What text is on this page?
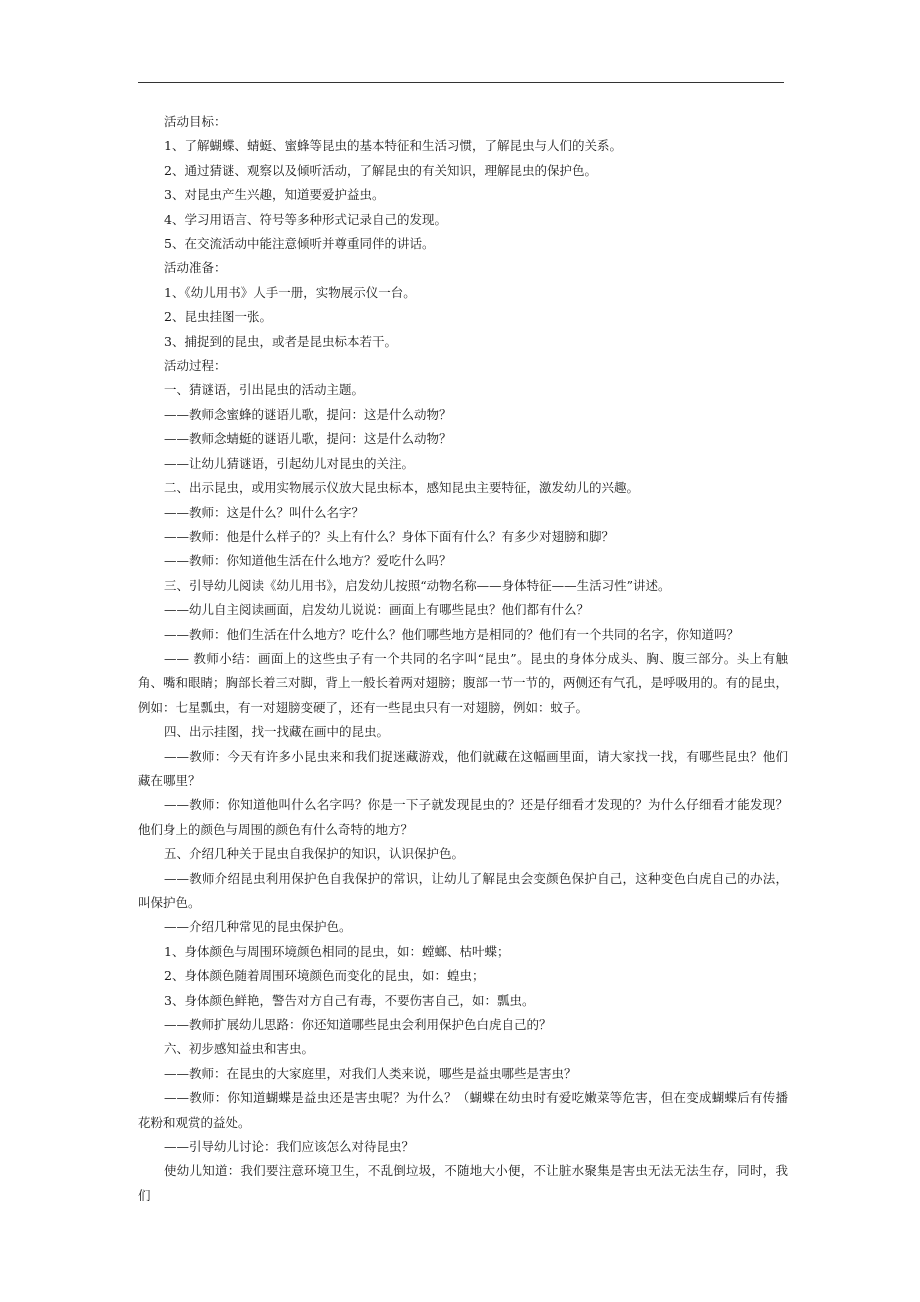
活动目标：

1、了解蝴蝶、蜻蜓、蜜蜂等昆虫的基本特征和生活习惯，了解昆虫与人们的关系。

2、通过猜谜、观察以及倾听活动，了解昆虫的有关知识，理解昆虫的保护色。

3、对昆虫产生兴趣，知道要爱护益虫。

4、学习用语言、符号等多种形式记录自己的发现。

5、在交流活动中能注意倾听并尊重同伴的讲话。

活动准备：

1、《幼儿用书》人手一册，实物展示仪一台。

2、昆虫挂图一张。

3、捕捉到的昆虫，或者是昆虫标本若干。

活动过程：

一、猜谜语，引出昆虫的活动主题。

——教师念蜜蜂的谜语儿歌，提问：这是什么动物？

——教师念蜻蜓的谜语儿歌，提问：这是什么动物？

——让幼儿猜谜语，引起幼儿对昆虫的关注。

二、出示昆虫，或用实物展示仪放大昆虫标本，感知昆虫主要特征，激发幼儿的兴趣。

——教师：这是什么？叫什么名字？

——教师：他是什么样子的？头上有什么？身体下面有什么？有多少对翅膀和脚？

——教师：你知道他生活在什么地方？爱吃什么吗？

三、引导幼儿阅读《幼儿用书》，启发幼儿按照“动物名称——身体特征——生活习性”讲述。

——幼儿自主阅读画面，启发幼儿说说：画面上有哪些昆虫？他们都有什么？

——教师：他们生活在什么地方？吃什么？他们哪些地方是相同的？他们有一个共同的名字，你知道吗？

—— 教师小结：画面上的这些虫子有一个共同的名字叫“昆虫”。昆虫的身体分成头、胸、腹三部分。头上有触角、嘴和眼睛；胸部长着三对脚，背上一般长着两对翅膀；腹部一节一节的，两侧还有气孔，是呼吸用的。有的昆虫，例如：七星瓢虫，有一对翅膀变硬了，还有一些昆虫只有一对翅膀，例如：蚊子。

四、出示挂图，找一找藏在画中的昆虫。

——教师：今天有许多小昆虫来和我们捉迷藏游戏，他们就藏在这幅画里面，请大家找一找，有哪些昆虫？他们藏在哪里？

——教师：你知道他叫什么名字吗？你是一下子就发现昆虫的？还是仔细看才发现的？为什么仔细看才能发现？他们身上的颜色与周围的颜色有什么奇特的地方？

五、介绍几种关于昆虫自我保护的知识，认识保护色。

——教师介绍昆虫利用保护色自我保护的常识，让幼儿了解昆虫会变颜色保护自己，这种变色白虎自己的办法，叫保护色。

——介绍几种常见的昆虫保护色。

1、身体颜色与周围环境颜色相同的昆虫，如：螳螂、枯叶蝶；

2、身体颜色随着周围环境颜色而变化的昆虫，如：蝗虫；

3、身体颜色鲜艳，警告对方自己有毒，不要伤害自己，如：瓢虫。

——教师扩展幼儿思路：你还知道哪些昆虫会利用保护色白虎自己的？

六、初步感知益虫和害虫。

——教师：在昆虫的大家庭里，对我们人类来说，哪些是益虫哪些是害虫？

——教师：你知道蝴蝶是益虫还是害虫呢？为什么？（蝴蝶在幼虫时有爱吃嫩菜等危害，但在变成蝴蝶后有传播花粉和观赏的益处。

——引导幼儿讨论：我们应该怎么对待昆虫？

使幼儿知道：我们要注意环境卫生，不乱倒垃圾，不随地大小便，不让脏水聚集是害虫无法无法生存，同时，我们
